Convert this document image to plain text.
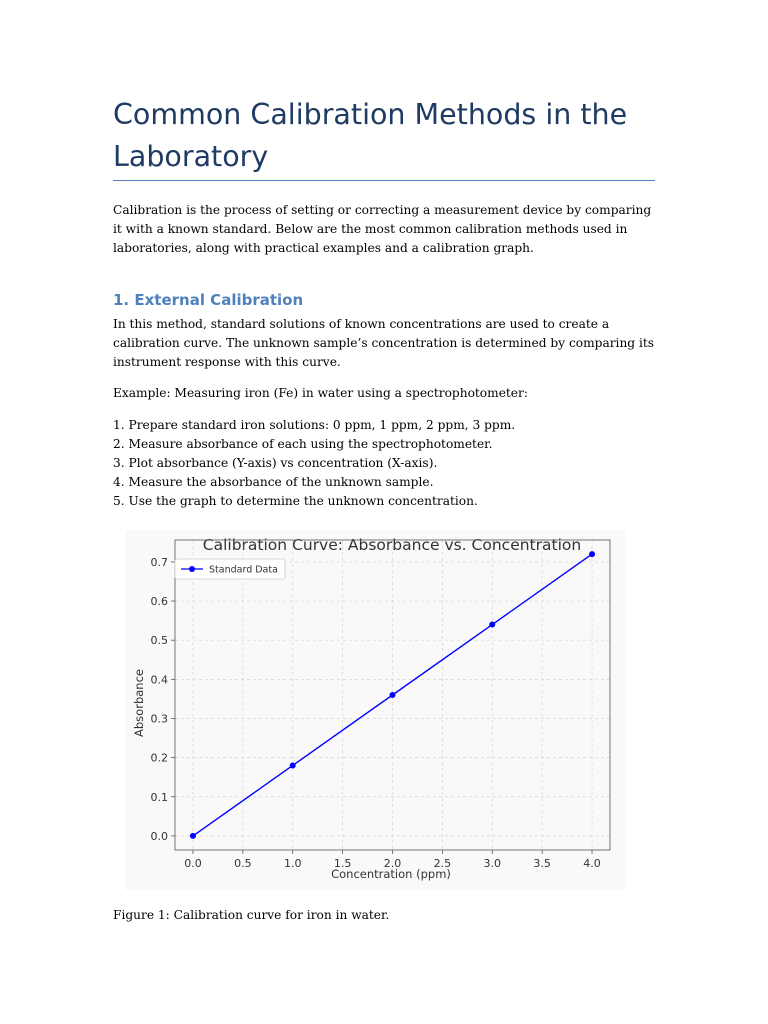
Common Calibration Methods in the Laboratory

Calibration is the process of setting or correcting a measurement device by comparing it with a known standard. Below are the most common calibration methods used in laboratories, along with practical examples and a calibration graph.

1. External Calibration

In this method, standard solutions of known concentrations are used to create a calibration curve. The unknown sample’s concentration is determined by comparing its instrument response with this curve.

Example: Measuring iron (Fe) in water using a spectrophotometer:

1. Prepare standard iron solutions: 0 ppm, 1 ppm, 2 ppm, 3 ppm.
2. Measure absorbance of each using the spectrophotometer.
3. Plot absorbance (Y-axis) vs concentration (X-axis).
4. Measure the absorbance of the unknown sample.
5. Use the graph to determine the unknown concentration.
Calibration Curve: Absorbance vs. Concentration
0.0	0.5	1.0	1.5	2.0	2.5	3.0	3.5	4.0
0.0
0.1
0.2
0.3
0.4
0.5
0.6
0.7
Concentration (ppm)
Absorbance
Standard Data

Figure 1: Calibration curve for iron in water.
